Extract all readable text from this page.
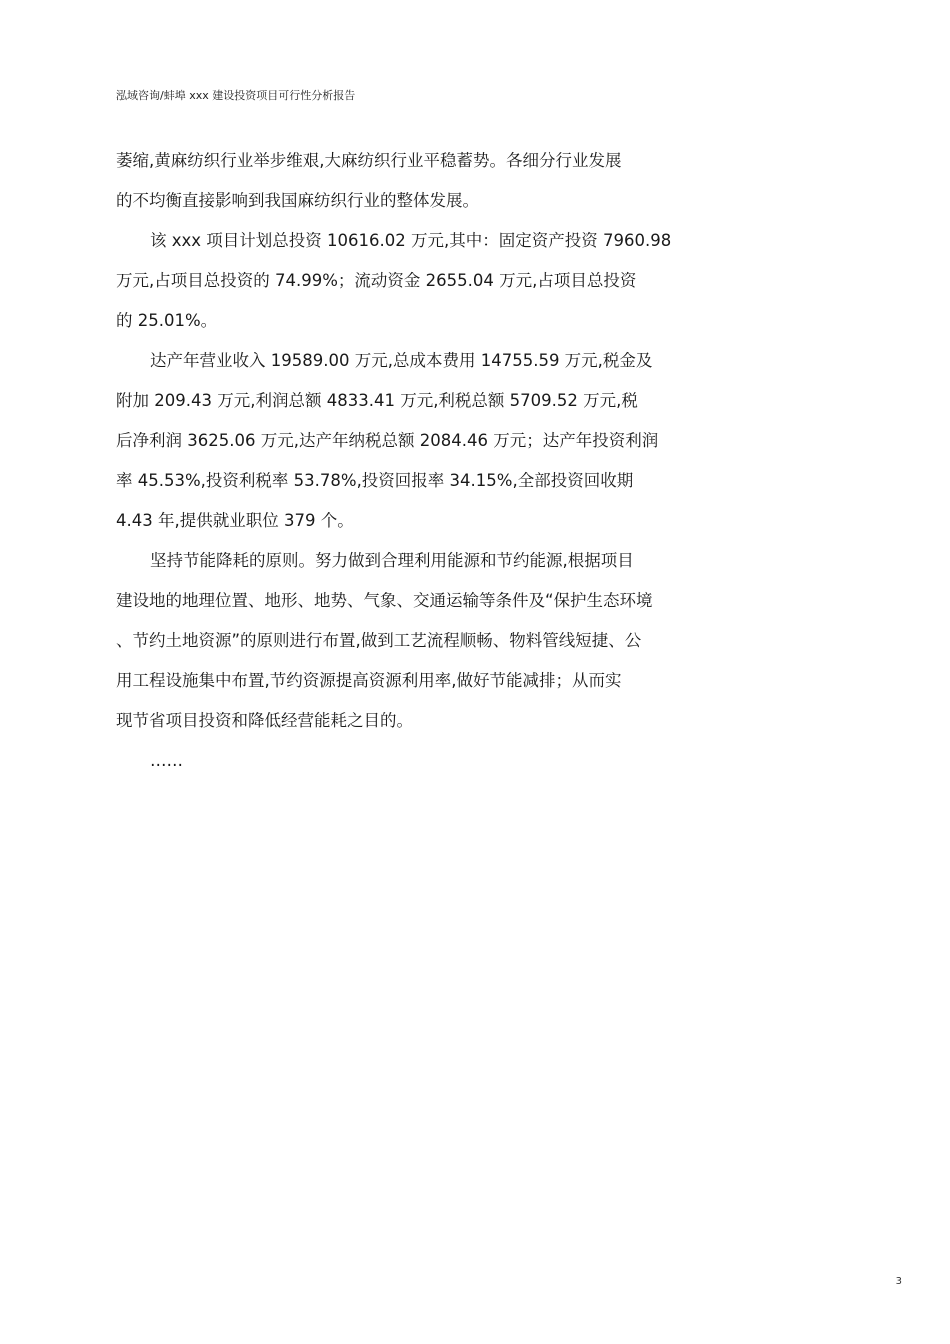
泓域咨询/蚌埠 xxx 建设投资项目可行性分析报告
萎缩,黄麻纺织行业举步维艰,大麻纺织行业平稳蓄势。各细分行业发展
的不均衡直接影响到我国麻纺织行业的整体发展。
该 xxx 项目计划总投资 10616.02 万元,其中：固定资产投资 7960.98
万元,占项目总投资的 74.99%；流动资金 2655.04 万元,占项目总投资
的 25.01%。
达产年营业收入 19589.00 万元,总成本费用 14755.59 万元,税金及
附加 209.43 万元,利润总额 4833.41 万元,利税总额 5709.52 万元,税
后净利润 3625.06 万元,达产年纳税总额 2084.46 万元；达产年投资利润
率 45.53%,投资利税率 53.78%,投资回报率 34.15%,全部投资回收期
4.43 年,提供就业职位 379 个。
坚持节能降耗的原则。努力做到合理利用能源和节约能源,根据项目
建设地的地理位置、地形、地势、气象、交通运输等条件及“保护生态环境
、节约土地资源”的原则进行布置,做到工艺流程顺畅、物料管线短捷、公
用工程设施集中布置,节约资源提高资源利用率,做好节能减排；从而实
现节省项目投资和降低经营能耗之目的。
……
3
